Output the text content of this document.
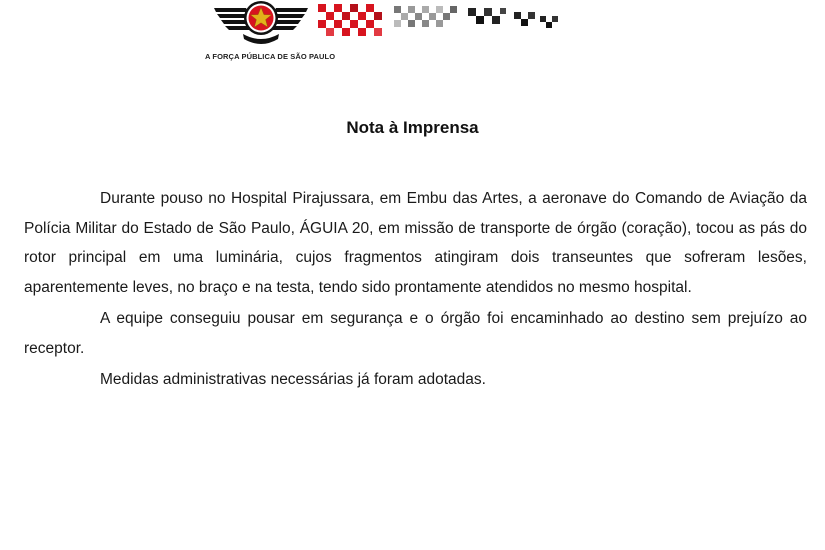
A FORÇA PÚBLICA DE SÃO PAULO
Nota à Imprensa

Durante pouso no Hospital Pirajussara, em Embu das Artes, a aeronave do Comando de Aviação da Polícia Militar do Estado de São Paulo, ÁGUIA 20, em missão de transporte de órgão (coração), tocou as pás do rotor principal em uma luminária, cujos fragmentos atingiram dois transeuntes que sofreram lesões, aparentemente leves, no braço e na testa, tendo sido prontamente atendidos no mesmo hospital.

A equipe conseguiu pousar em segurança e o órgão foi encaminhado ao destino sem prejuízo ao receptor.

Medidas administrativas necessárias já foram adotadas.
